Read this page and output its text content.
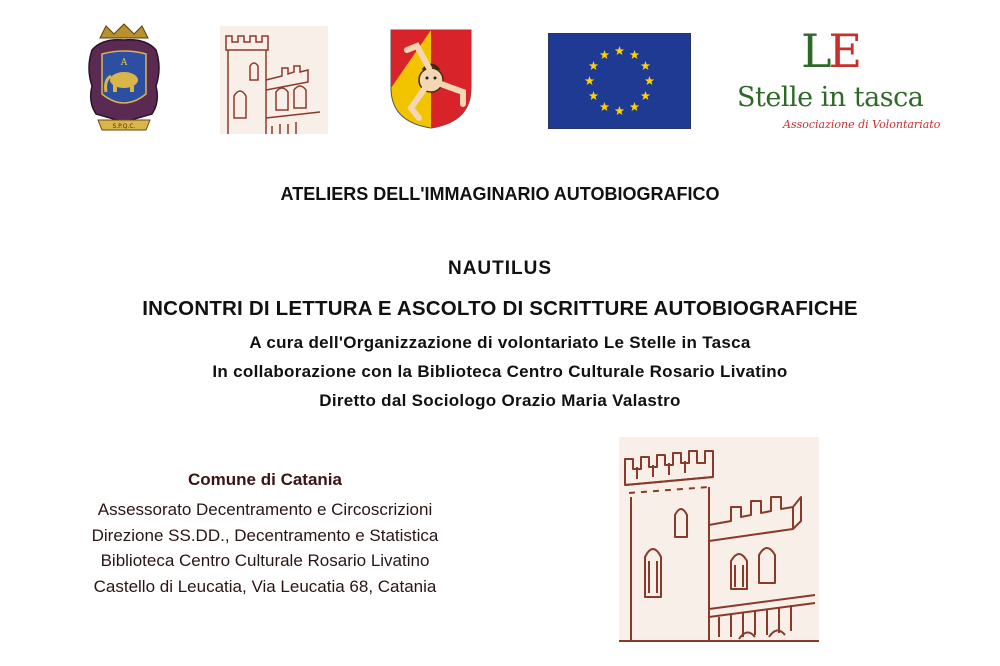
A
S.P.Q.C.
LE
Stelle in tasca
Associazione di Volontariato
ATELIERS DELL'IMMAGINARIO AUTOBIOGRAFICO
NAUTILUS
INCONTRI DI LETTURA E ASCOLTO DI SCRITTURE AUTOBIOGRAFICHE
A cura dell'Organizzazione di volontariato Le Stelle in Tasca
In collaborazione con la Biblioteca Centro Culturale Rosario Livatino
Diretto dal Sociologo Orazio Maria Valastro
Comune di Catania
Assessorato Decentramento e Circoscrizioni
Direzione SS.DD., Decentramento e Statistica
Biblioteca Centro Culturale Rosario Livatino
Castello di Leucatia, Via Leucatia 68, Catania
